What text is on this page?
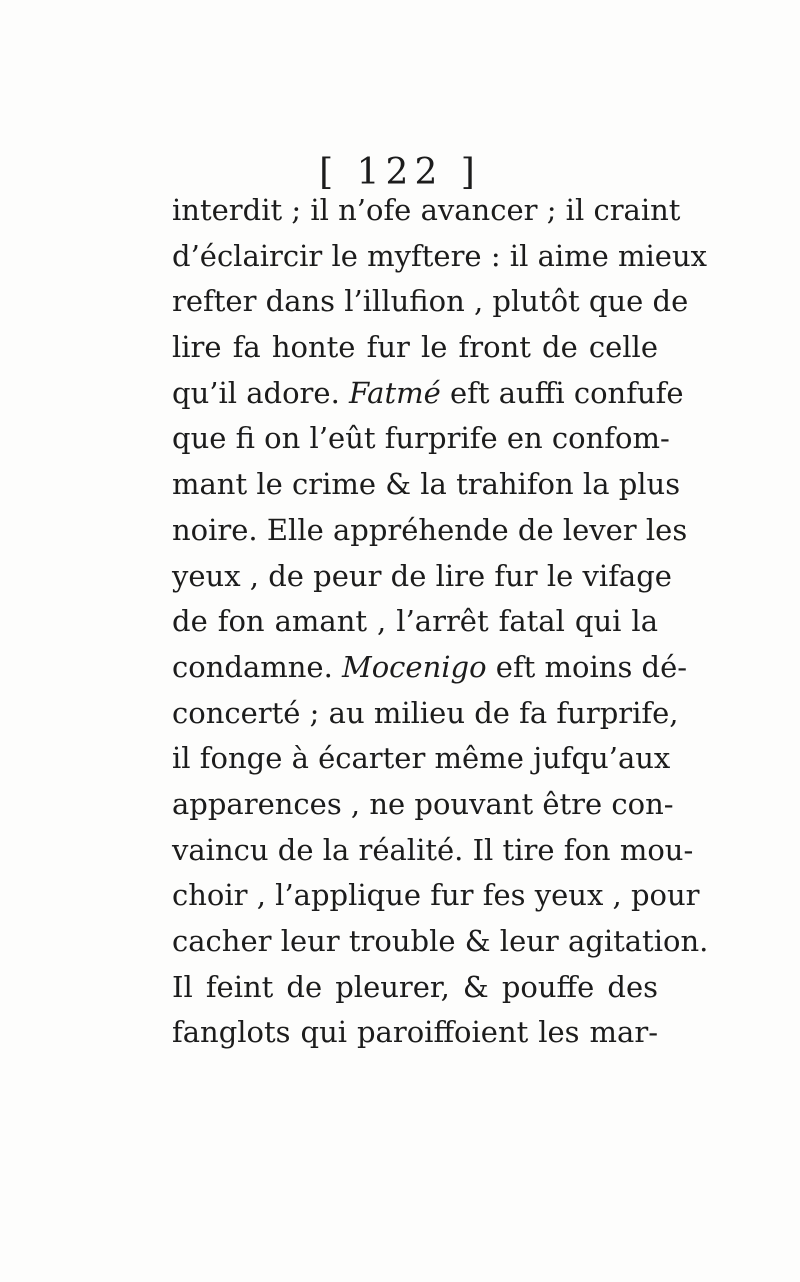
[ 122 ]
interdit ; il n’ofe avancer ; il craint
d’éclaircir le myftere : il aime mieux
refter dans l’illufion , plutôt que de
lire fa honte fur le front de celle
qu’il adore. Fatmé eft auffi confufe
que fi on l’eût furprife en confom-
mant le crime & la trahifon la plus
noire. Elle appréhende de lever les
yeux , de peur de lire fur le vifage
de fon amant , l’arrêt fatal qui la
condamne. Mocenigo eft moins dé-
concerté ; au milieu de fa furprife,
il fonge à écarter même jufqu’aux
apparences , ne pouvant être con-
vaincu de la réalité. Il tire fon mou-
choir , l’applique fur fes yeux , pour
cacher leur trouble & leur agitation.
Il feint de pleurer, & pouffe des
fanglots qui paroiffoient les mar-
